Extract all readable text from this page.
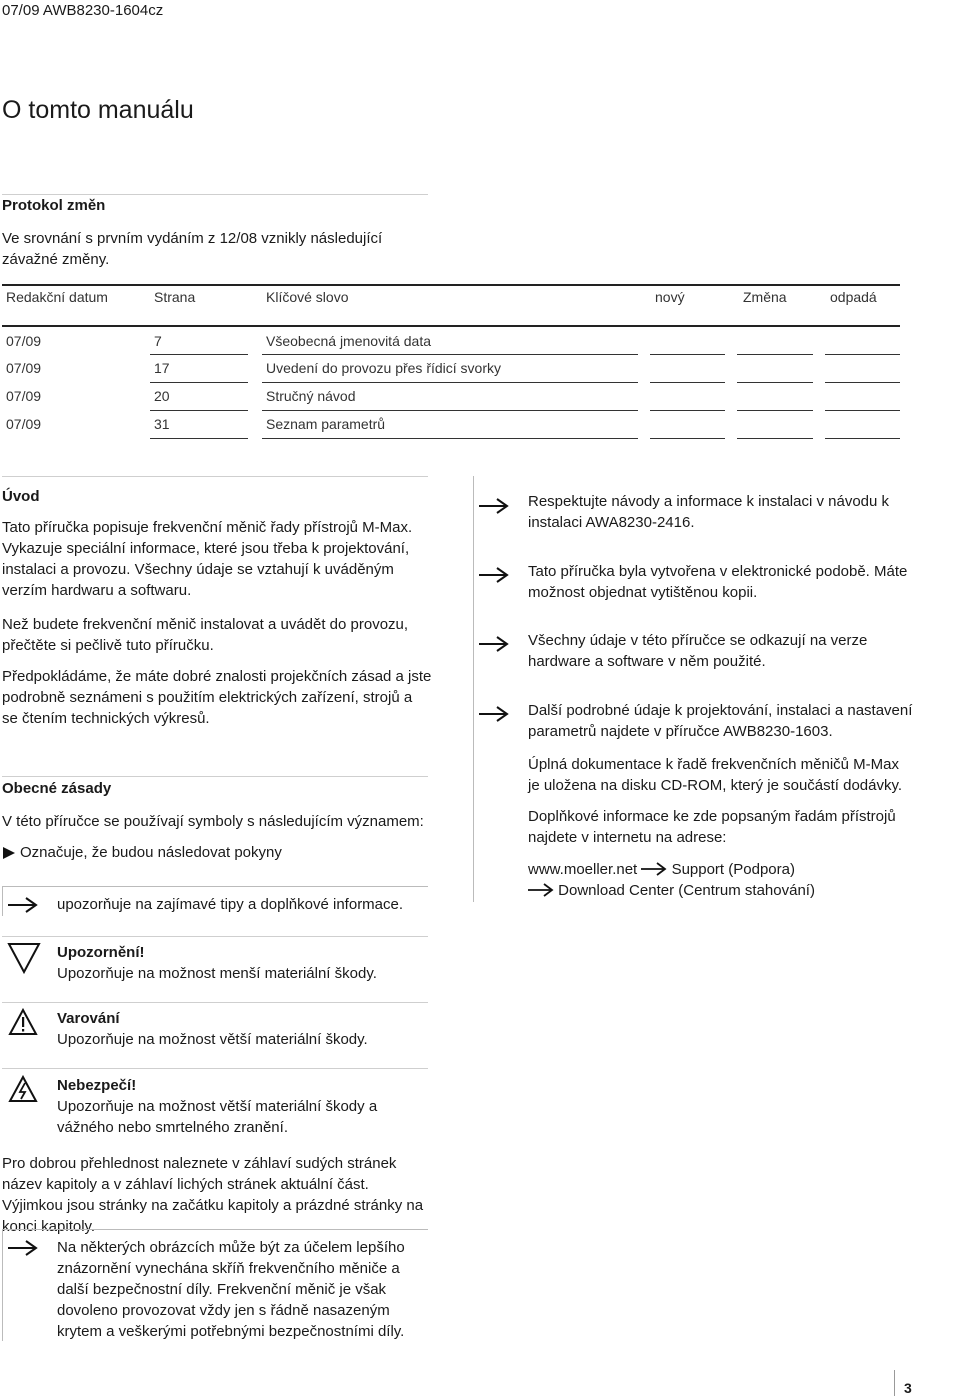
07/09 AWB8230-1604cz
O tomto manuálu
Protokol změn
Ve srovnání s prvním vydáním z 12/08 vznikly následující závažné změny.
Redakční datum	Strana	Klíčové slovo	nový	Změna	odpadá
07/09	7	Všeobecná jmenovitá data
07/09	17	Uvedení do provozu přes řídicí svorky
07/09	20	Stručný návod
07/09	31	Seznam parametrů
Úvod
Tato příručka popisuje frekvenční měnič řady přístrojů M-Max. Vykazuje speciální informace, které jsou třeba k projektování, instalaci a provozu. Všechny údaje se vztahují k uváděným verzím hardwaru a softwaru.
Než budete frekvenční měnič instalovat a uvádět do provozu, přečtěte si pečlivě tuto příručku.
Předpokládáme, že máte dobré znalosti projekčních zásad a jste podrobně seznámeni s použitím elektrických zařízení, strojů a se čtením technických výkresů.
Obecné zásady
V této příručce se používají symboly s následujícím významem:
Označuje, že budou následovat pokyny
upozorňuje na zajímavé tipy a doplňkové informace.
Upozornění!
Upozorňuje na možnost menší materiální škody.
Varování
Upozorňuje na možnost větší materiální škody.
Nebezpečí!
Upozorňuje na možnost větší materiální škody a vážného nebo smrtelného zranění.
Pro dobrou přehlednost naleznete v záhlaví sudých stránek název kapitoly a v záhlaví lichých stránek aktuální část. Výjimkou jsou stránky na začátku kapitoly a prázdné stránky na konci kapitoly.
Na některých obrázcích může být za účelem lepšího znázornění vynechána skříň frekvenčního měniče a další bezpečnostní díly. Frekvenční měnič je však dovoleno provozovat vždy jen s řádně nasazeným krytem a veškerými potřebnými bezpečnostními díly.
Respektujte návody a informace k instalaci v návodu k instalaci AWA8230-2416.
Tato příručka byla vytvořena v elektronické podobě. Máte možnost objednat vytištěnou kopii.
Všechny údaje v této příručce se odkazují na verze hardware a software v něm použité.
Další podrobné údaje k projektování, instalaci a nastavení parametrů najdete v příručce AWB8230-1603.
Úplná dokumentace k řadě frekvenčních měničů M-Max je uložena na disku CD-ROM, který je součástí dodávky.
Doplňkové informace ke zde popsaným řadám přístrojů najdete v internetu na adrese:
www.moeller.net Support (Podpora)
Download Center (Centrum stahování)
3
